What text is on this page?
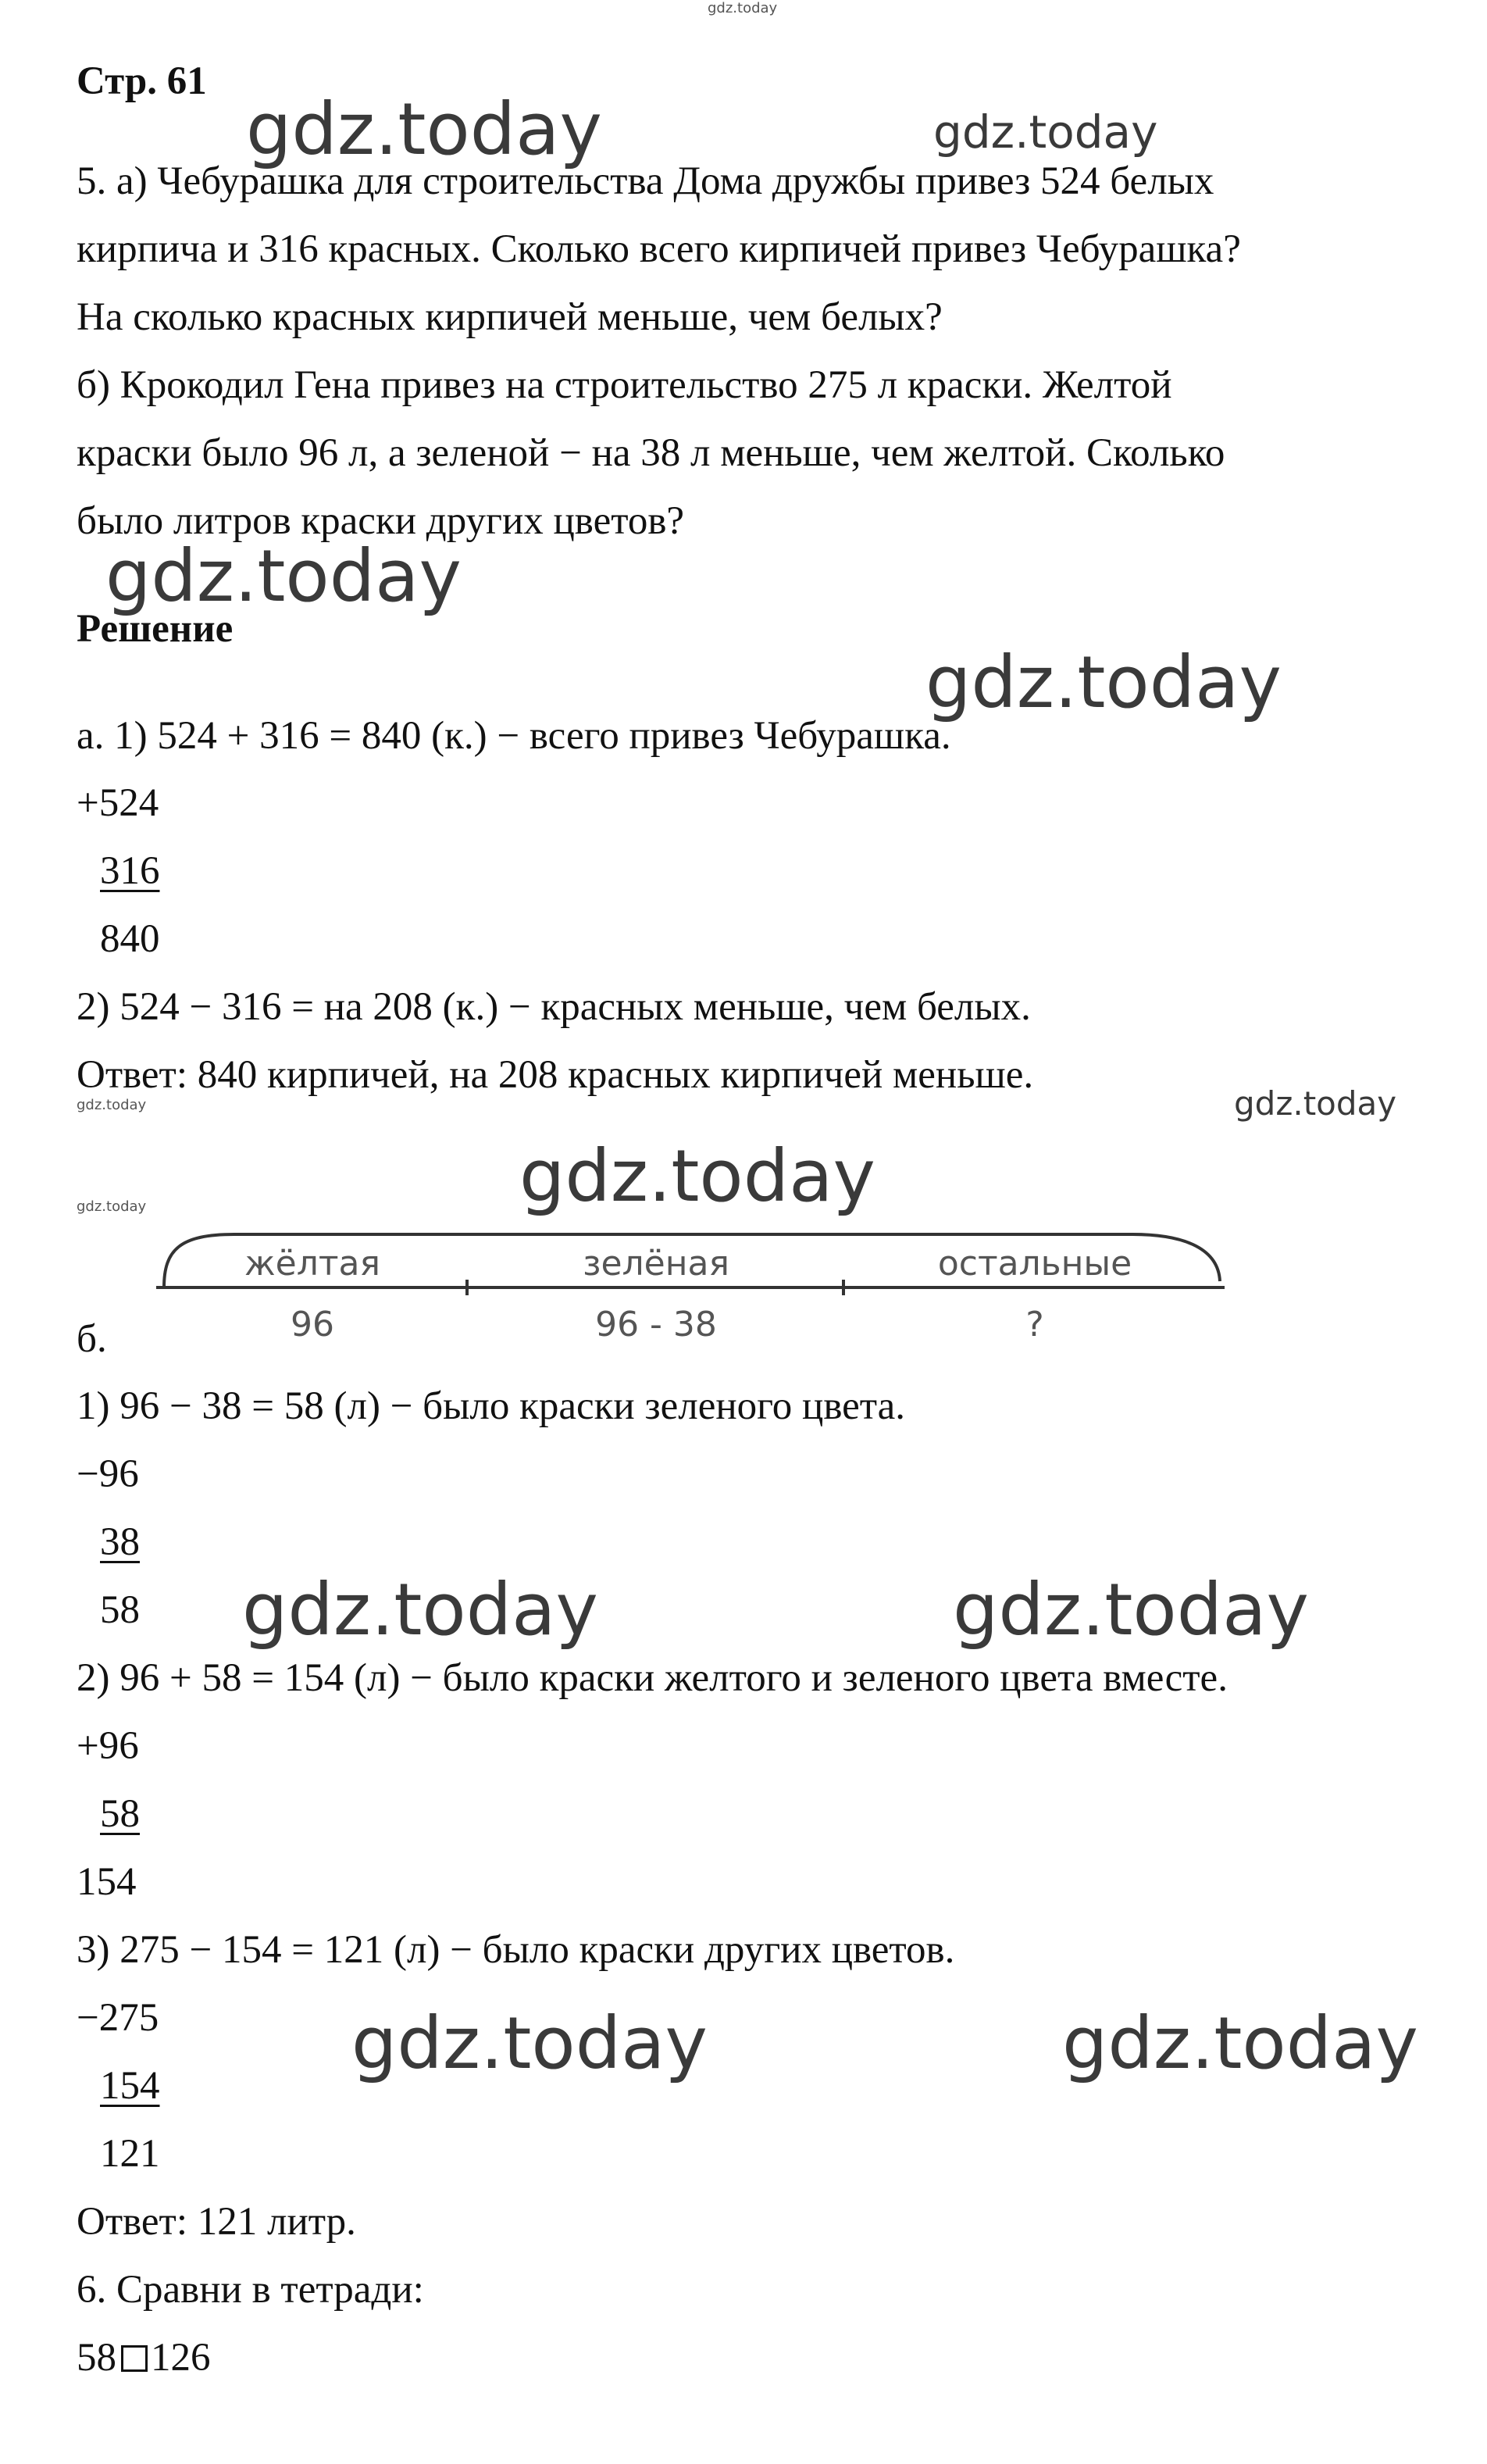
gdz.today
gdz.today	gdz.today
gdz.today
gdz.today
gdz.today	gdz.today
gdz.today
gdz.today
gdz.today	gdz.today
gdz.today	gdz.today

Стр. 61

5. а) Чебурашка для строительства Дома дружбы привез 524 белых

кирпича и 316 красных. Сколько всего кирпичей привез Чебурашка?

На сколько красных кирпичей меньше, чем белых?

б) Крокодил Гена привез на строительство 275 л краски. Желтой

краски было 96 л, а зеленой − на 38 л меньше, чем желтой. Сколько

было литров краски других цветов?

Решение

а. 1) 524 + 316 = 840 (к.) − всего привез Чебурашка.

+524

316

840

2) 524 − 316 = на 208 (к.) − красных меньше, чем белых.

Ответ: 840 кирпичей, на 208 красных кирпичей меньше.

жёлтая	зелёная	остальные
96	96 - 38	?

б.

1) 96 − 38 = 58 (л) − было краски зеленого цвета.

−96

38

58

2) 96 + 58 = 154 (л) − было краски желтого и зеленого цвета вместе.

+96

58

154

3) 275 − 154 = 121 (л) − было краски других цветов.

−275

154

121

Ответ: 121 литр.

6. Сравни в тетради:

58 126
